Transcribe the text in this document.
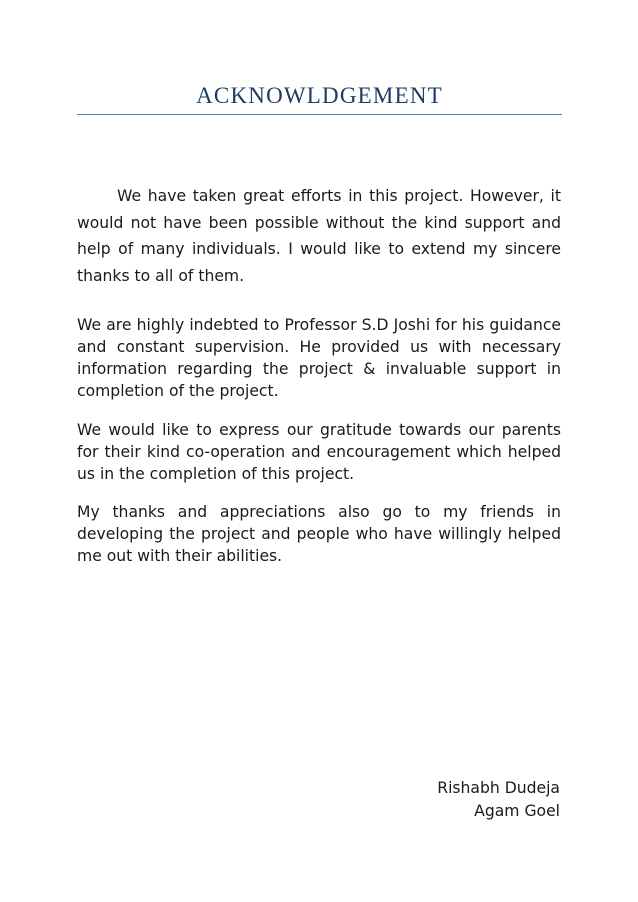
ACKNOWLDGEMENT

We have taken great efforts in this project. However, it would not have been possible without the kind support and help of many individuals. I would like to extend my sincere thanks to all of them.

We are highly indebted to Professor S.D Joshi for his guidance and constant supervision. He provided us with necessary information regarding the project & invaluable support in completion of the project.

We would like to express our gratitude towards our parents for their kind co-operation and encouragement which helped us in the completion of this project.

My thanks and appreciations also go to my friends in developing the project and people who have willingly helped me out with their abilities.

Rishabh Dudeja
Agam Goel
